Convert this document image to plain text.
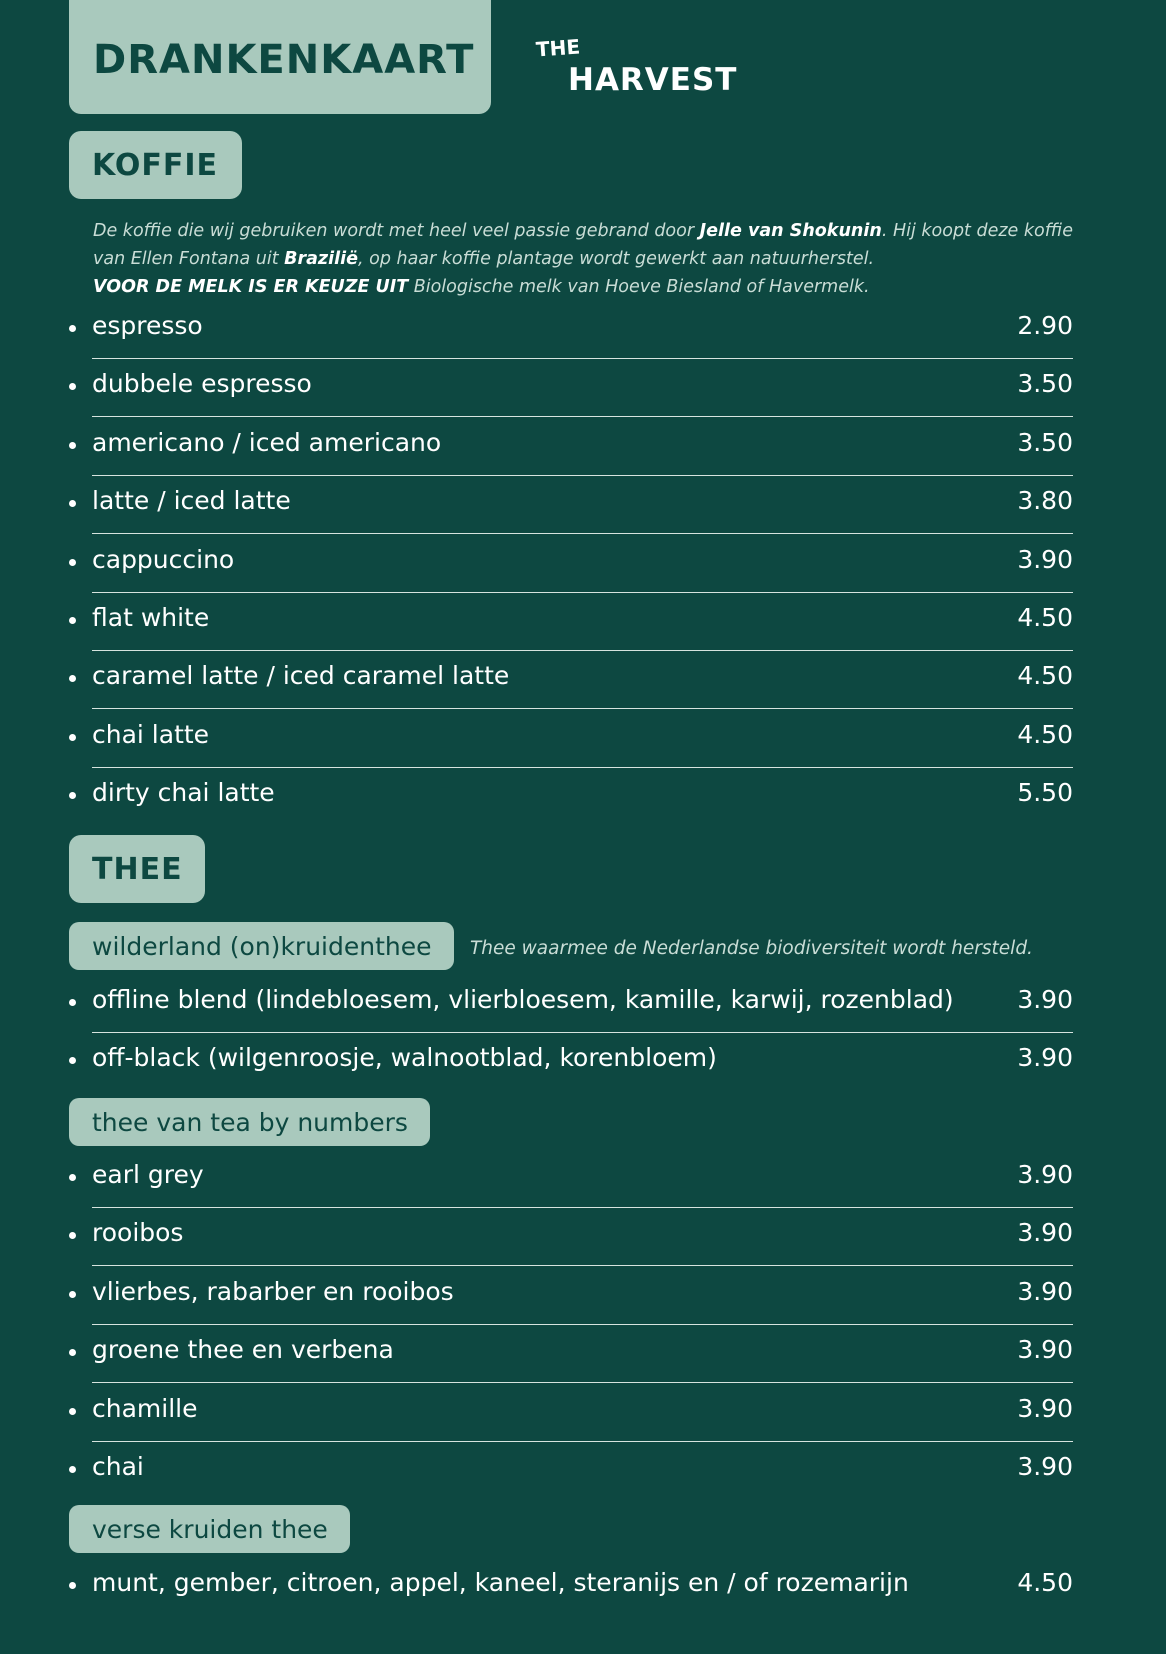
DRANKENKAART	THE
HARVEST
KOFFIE
De koffie die wij gebruiken wordt met heel veel passie gebrand door Jelle van Shokunin. Hij koopt deze koffie van Ellen Fontana uit Brazilië, op haar koffie plantage wordt gewerkt aan natuurherstel.
VOOR DE MELK IS ER KEUZE UIT Biologische melk van Hoeve Biesland of Havermelk.
espresso	2.90
dubbele espresso	3.50
americano / iced americano	3.50
latte / iced latte	3.80
cappuccino	3.90
flat white	4.50
caramel latte / iced caramel latte	4.50
chai latte	4.50
dirty chai latte	5.50
THEE
wilderland (on)kruidenthee Thee waarmee de Nederlandse biodiversiteit wordt hersteld.
thee van tea by numbers
verse kruiden thee
offline blend (lindebloesem, vlierbloesem, kamille, karwij, rozenblad)	3.90
off-black (wilgenroosje, walnootblad, korenbloem)	3.90
earl grey	3.90
rooibos	3.90
vlierbes, rabarber en rooibos	3.90
groene thee en verbena	3.90
chamille	3.90
chai	3.90
munt, gember, citroen, appel, kaneel, steranijs en / of rozemarijn	4.50
